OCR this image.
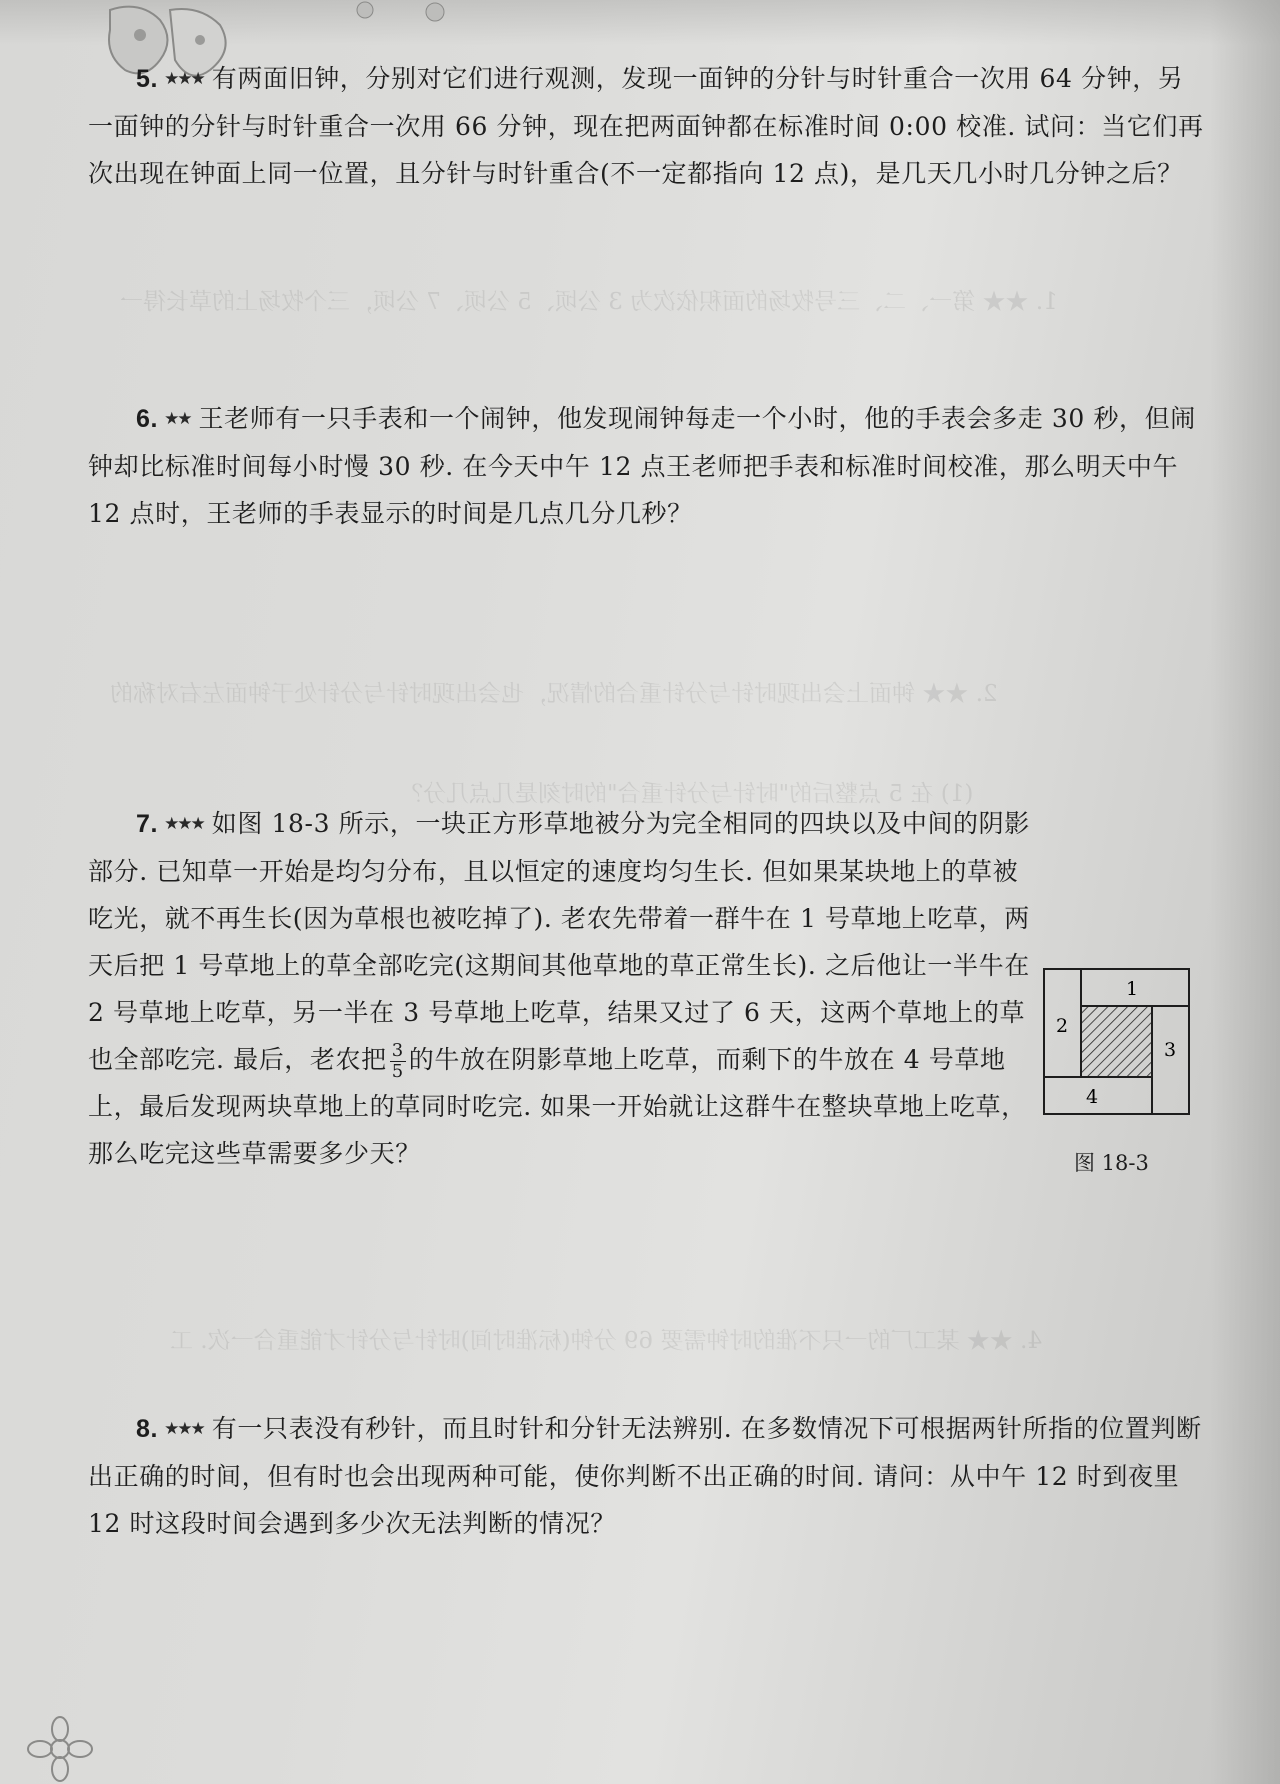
1. ★★ 第一、二、三号牧场的面积依次为 3 公顷、5 公顷、7 公顷，三个牧场上的草长得一
2. ★★ 钟面上会出现时针与分针重合的情况，也会出现时针与分针处于钟面左右对称的
(1) 在 5 点整后的"时针与分针重合"的时刻是几点几分？
4. ★★ 某工厂的一只不准的时钟需要 69 分钟(标准时间)时针与分针才能重合一次. 工

5. ★★★ 有两面旧钟，分别对它们进行观测，发现一面钟的分针与时针重合一次用 64 分钟，另一面钟的分针与时针重合一次用 66 分钟，现在把两面钟都在标准时间 0:00 校准. 试问：当它们再次出现在钟面上同一位置，且分针与时针重合(不一定都指向 12 点)，是几天几小时几分钟之后？

6. ★★ 王老师有一只手表和一个闹钟，他发现闹钟每走一个小时，他的手表会多走 30 秒，但闹钟却比标准时间每小时慢 30 秒. 在今天中午 12 点王老师把手表和标准时间校准，那么明天中午 12 点时，王老师的手表显示的时间是几点几分几秒？

7. ★★★ 如图 18-3 所示，一块正方形草地被分为完全相同的四块以及中间的阴影部分. 已知草一开始是均匀分布，且以恒定的速度均匀生长. 但如果某块地上的草被吃光，就不再生长(因为草根也被吃掉了). 老农先带着一群牛在 1 号草地上吃草，两天后把 1 号草地上的草全部吃完(这期间其他草地的草正常生长). 之后他让一半牛在 2 号草地上吃草，另一半在 3 号草地上吃草，结果又过了 6 天，这两个草地上的草也全部吃完. 最后，老农把 $\frac{3}{5}$ 的牛放在阴影草地上吃草，而剩下的牛放在 4 号草地上，最后发现两块草地上的草同时吃完. 如果一开始就让这群牛在整块草地上吃草，那么吃完这些草需要多少天？

1
2
3
4
图 18-3

8. ★★★ 有一只表没有秒针，而且时针和分针无法辨别. 在多数情况下可根据两针所指的位置判断出正确的时间，但有时也会出现两种可能，使你判断不出正确的时间. 请问：从中午 12 时到夜里 12 时这段时间会遇到多少次无法判断的情况？
